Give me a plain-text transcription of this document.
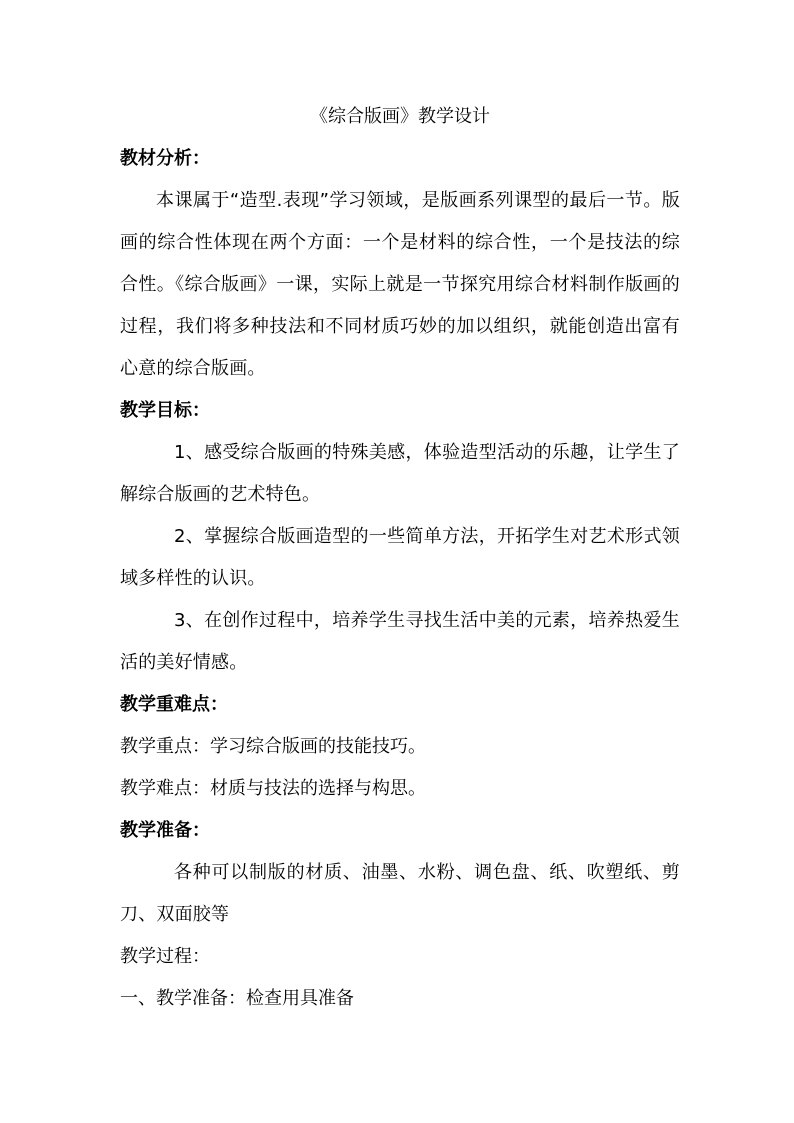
《综合版画》教学设计

教材分析：

本课属于“造型.表现”学习领域，是版画系列课型的最后一节。版画的综合性体现在两个方面：一个是材料的综合性，一个是技法的综合性。《综合版画》一课，实际上就是一节探究用综合材料制作版画的过程，我们将多种技法和不同材质巧妙的加以组织，就能创造出富有心意的综合版画。

教学目标：

1、感受综合版画的特殊美感，体验造型活动的乐趣，让学生了解综合版画的艺术特色。

2、掌握综合版画造型的一些简单方法，开拓学生对艺术形式领域多样性的认识。

3、在创作过程中，培养学生寻找生活中美的元素，培养热爱生活的美好情感。

教学重难点：

教学重点：学习综合版画的技能技巧。

教学难点：材质与技法的选择与构思。

教学准备：

各种可以制版的材质、油墨、水粉、调色盘、纸、吹塑纸、剪刀、双面胶等

教学过程：

一、教学准备：检查用具准备
